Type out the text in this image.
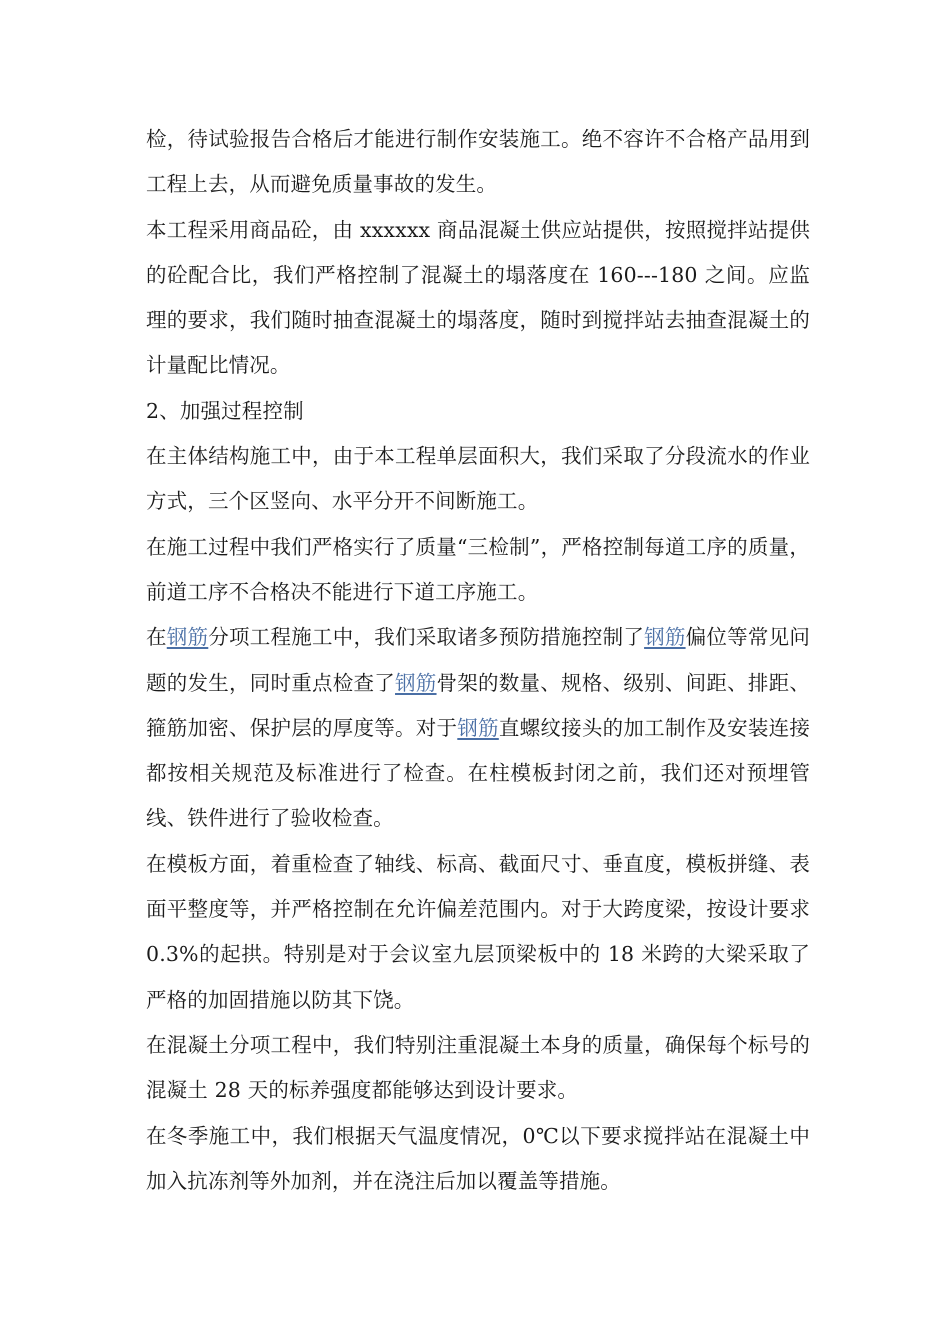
检，待试验报告合格后才能进行制作安装施工。绝不容许不合格产品用到工程上去，从而避免质量事故的发生。

本工程采用商品砼，由 xxxxxx 商品混凝土供应站提供，按照搅拌站提供的砼配合比，我们严格控制了混凝土的塌落度在 160---180 之间。应监理的要求，我们随时抽查混凝土的塌落度，随时到搅拌站去抽查混凝土的计量配比情况。

2、加强过程控制

在主体结构施工中，由于本工程单层面积大，我们采取了分段流水的作业方式，三个区竖向、水平分开不间断施工。

在施工过程中我们严格实行了质量“三检制”，严格控制每道工序的质量，前道工序不合格决不能进行下道工序施工。

在钢筋分项工程施工中，我们采取诸多预防措施控制了钢筋偏位等常见问题的发生，同时重点检查了钢筋骨架的数量、规格、级别、间距、排距、箍筋加密、保护层的厚度等。对于钢筋直螺纹接头的加工制作及安装连接都按相关规范及标准进行了检查。在柱模板封闭之前，我们还对预埋管线、铁件进行了验收检查。

在模板方面，着重检查了轴线、标高、截面尺寸、垂直度，模板拼缝、表面平整度等，并严格控制在允许偏差范围内。对于大跨度梁，按设计要求 0.3%的起拱。特别是对于会议室九层顶梁板中的 18 米跨的大梁采取了严格的加固措施以防其下饶。

在混凝土分项工程中，我们特别注重混凝土本身的质量，确保每个标号的混凝土 28 天的标养强度都能够达到设计要求。

在冬季施工中，我们根据天气温度情况，0℃以下要求搅拌站在混凝土中加入抗冻剂等外加剂，并在浇注后加以覆盖等措施。
